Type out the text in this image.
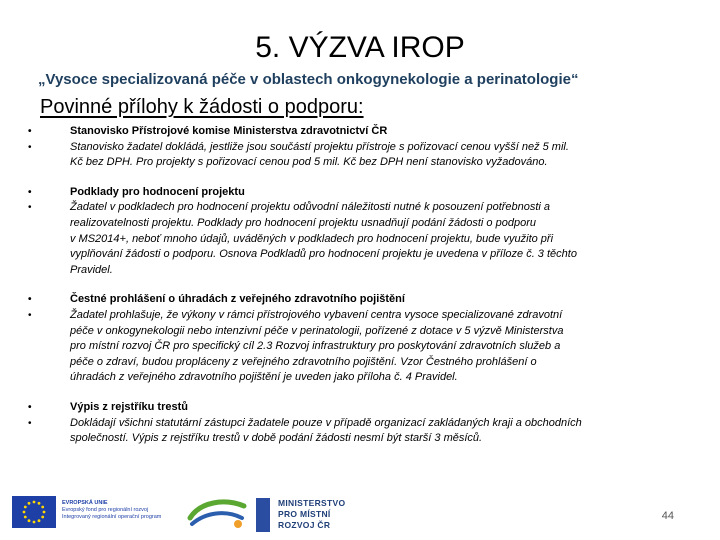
5. VÝZVA IROP
„Vysoce specializovaná péče v oblastech onkogynekologie a perinatologie“
Povinné přílohy k žádosti o podporu:
•	Stanovisko Přístrojové komise Ministerstva zdravotnictví ČR
•	Stanovisko žadatel dokládá, jestliže jsou součástí projektu přístroje s pořizovací cenou vyšší než 5 mil.
Kč bez DPH. Pro projekty s pořizovací cenou pod 5 mil. Kč bez DPH není stanovisko vyžadováno.
•	Podklady pro hodnocení projektu
•	Žadatel v podkladech pro hodnocení projektu odůvodní náležitosti nutné k posouzení potřebnosti a
realizovatelnosti projektu. Podklady pro hodnocení projektu usnadňují podání žádosti o podporu
v MS2014+, neboť mnoho údajů, uváděných v podkladech pro hodnocení projektu, bude využito při
vyplňování žádosti o podporu. Osnova Podkladů pro hodnocení projektu je uvedena v příloze č. 3 těchto
Pravidel.
•	Čestné prohlášení o úhradách z veřejného zdravotního pojištění
•	Žadatel prohlašuje, že výkony v rámci přístrojového vybavení centra vysoce specializované zdravotní
péče v onkogynekologii nebo intenzivní péče v perinatologii, pořízené z dotace v 5 výzvě Ministerstva
pro místní rozvoj ČR pro specifický cíl 2.3 Rozvoj infrastruktury pro poskytování zdravotních služeb a
péče o zdraví, budou propláceny z veřejného zdravotního pojištění. Vzor Čestného prohlášení o
úhradách z veřejného zdravotního pojištění je uveden jako příloha č. 4 Pravidel.
•	Výpis z rejstříku trestů
•	Dokládají všichni statutární zástupci žadatele pouze v případě organizací zakládaných kraji a obchodních
společností. Výpis z rejstříku trestů v době podání žádosti nesmí být starší 3 měsíců.
EVROPSKÁ UNIE
Evropský fond pro regionální rozvoj
Integrovaný regionální operační program
MINISTERSTVO
PRO MÍSTNÍ
ROZVOJ ČR
44
